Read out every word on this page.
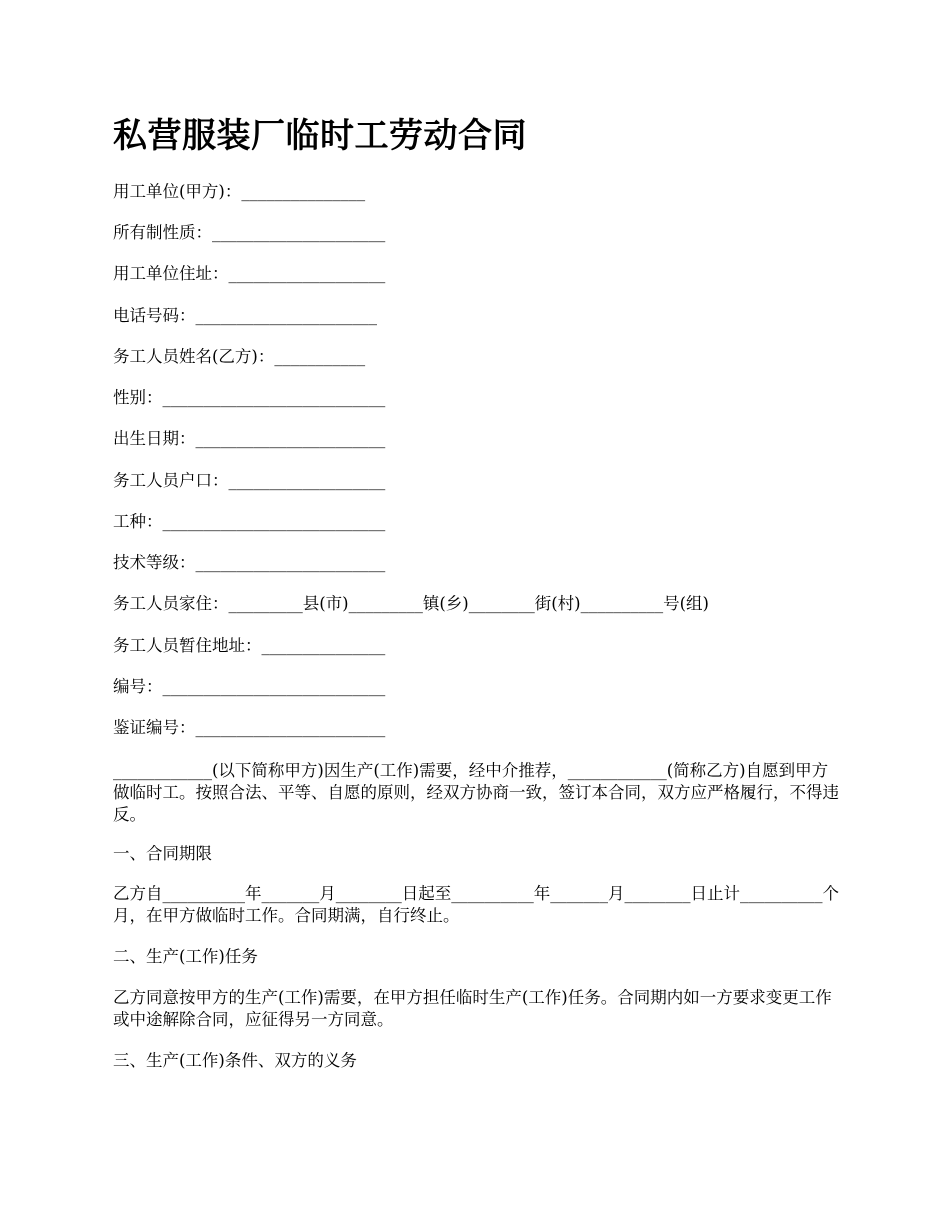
私营服装厂临时工劳动合同

用工单位(甲方)：_______________

所有制性质：_____________________

用工单位住址：___________________

电话号码：______________________

务工人员姓名(乙方)：___________

性别：___________________________

出生日期：_______________________

务工人员户口：___________________

工种：___________________________

技术等级：_______________________

务工人员家住：_________县(市)_________镇(乡)________街(村)__________号(组)

务工人员暂住地址：_______________

编号：___________________________

鉴证编号：_______________________

____________(以下简称甲方)因生产(工作)需要，经中介推荐，____________(简称乙方)自愿到甲方做临时工。按照合法、平等、自愿的原则，经双方协商一致，签订本合同，双方应严格履行，不得违反。

一、合同期限

乙方自__________年_______月________日起至__________年_______月________日止计__________个月，在甲方做临时工作。合同期满，自行终止。

二、生产(工作)任务

乙方同意按甲方的生产(工作)需要，在甲方担任临时生产(工作)任务。合同期内如一方要求变更工作或中途解除合同，应征得另一方同意。

三、生产(工作)条件、双方的义务
